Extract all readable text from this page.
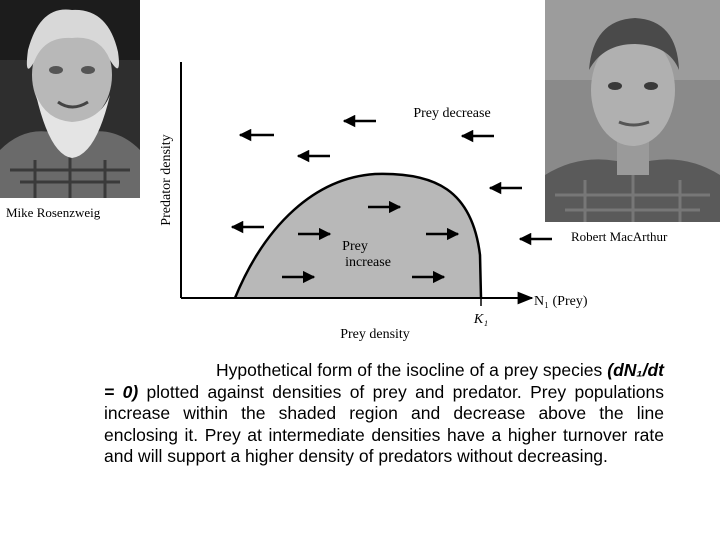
Mike Rosenzweig
Robert MacArthur
Predator density
Prey density
N₁ (Prey)
K₁
Prey decrease
Prey
increase
Hypothetical form of the isocline of a prey species (dN₁/dt = 0) plotted against densities of prey and predator. Prey populations increase within the shaded region and decrease above the line enclosing it. Prey at intermediate densities have a higher turnover rate and will support a higher density of predators without decreasing.
